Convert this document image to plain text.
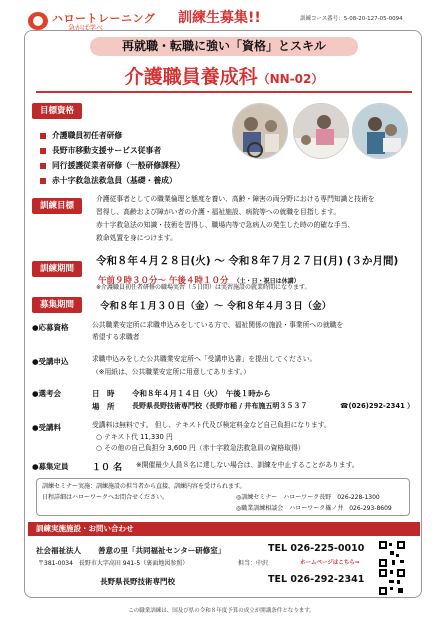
ハロートレーニング
急がば学べ
訓練生募集!!	訓練コース番号：5-08-20-127-05-0094
再就職・転職に強い「資格」とスキル
介護職員養成科（NN-02）
目標資格
介護職員初任者研修
長野市移動支援サービス従事者
同行援護従業者研修（一般研修課程）
赤十字救急法救急員（基礎・養成）
訓練目標
介護従事者としての職業倫理と態度を養い、高齢・障害の両分野における専門知識と技術を
習得し、高齢および障がい者の介護・福祉施設、病院等への就職を目指します。
赤十字救急法の知識・技術を習得し、職場内等で急病人の発生した時の的確な手当、
救命処置を身につけます。
訓練期間
令和８年４月２８日(火) ～ 令和８年７月２７日(月) (３か月間)
午前９時３０分～ 午後４時１０分 （土・日・祝日は休講）
※介護職員初任者研修の職場実習（５日間）は実習施設の就業時間になります。
募集期間	令和８年１月３０日（金）～ 令和８年４月３日（金）
●応募資格	公共職業安定所に求職申込みをしている方で、福祉関係の施設・事業所への就職を
希望する求職者
●受講申込	求職申込みをした公共職業安定所へ「受講申込書」を提出してください。
（※用紙は、公共職業安定所に用意してあります。）
●選考会	日　時 令和８年４月１４日（火）　午後１時から
場　所	長野県長野技術専門校（長野市稲 / 井布施五明３５３７	☎(026)292-2341 ）
●受講料	受講料は無料です。 但し、テキスト代及び検定料金など自己負担になります。
○ テキスト代 11,330 円
○ その他の自己負担分 3,600 円（赤十字救急法救急員の資格取得）
●募集定員	１０ 名 ※開催最少人員８名に達しない場合は、訓練を中止することがあります。
訓練セミナー実施：訓練施設の担当者から直接、訓練内容を受けられます。
日程詳細はハローワークへお問合せください。	◎訓練セミナー　ハローワーク長野　026-228-1300
◎職業訓練相談会　ハローワーク篠ノ井　026-293-8609
訓練実施施設・お問い合わせ
社会福祉法人 善意の里「共同福祉センター研修室」	TEL 026-225-0010
〒381-0034　長野市大字高田 941-5（裏面地図参照）	担当：中沢	ホームページはこちら⇒
長野県長野技術専門校	TEL 026-292-2341
この職業訓練は、国及び県の令和８年度予算の成立が開講条件となります。
